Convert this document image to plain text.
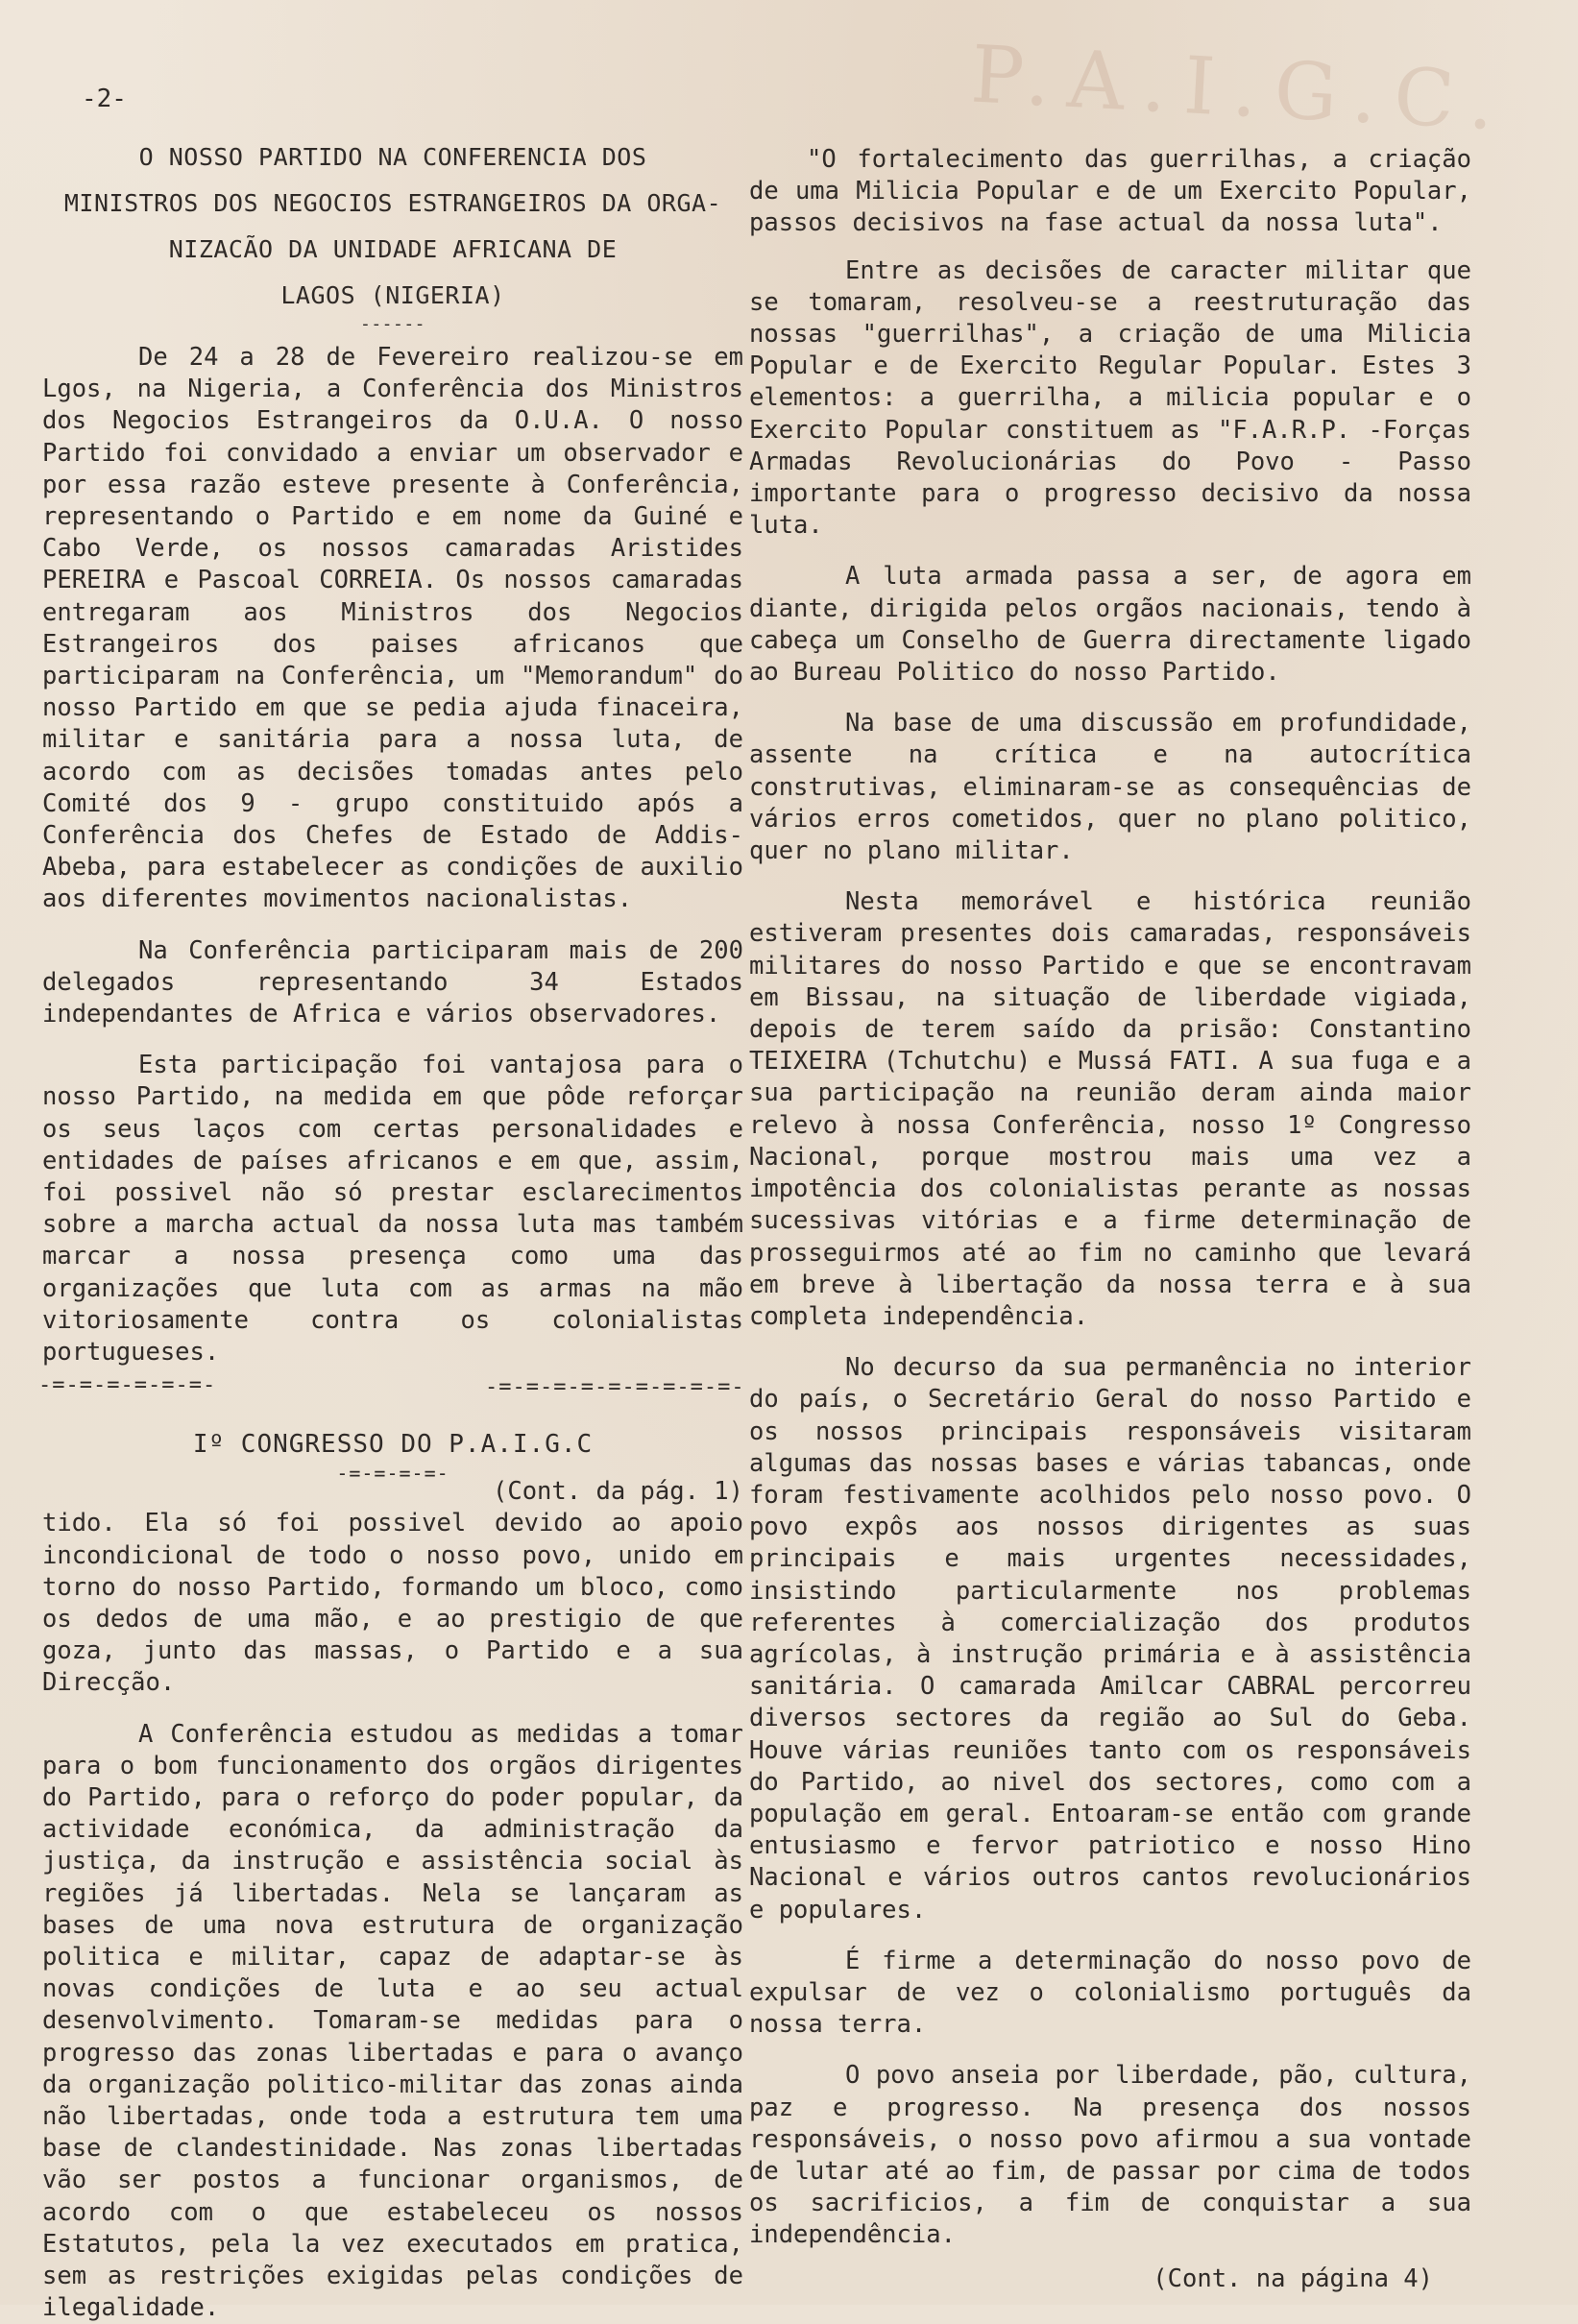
P.A.I.G.C.
-2-
O NOSSO PARTIDO NA CONFERENCIA DOS
MINISTROS DOS NEGOCIOS ESTRANGEIROS DA ORGA-
NIZACÃO DA UNIDADE AFRICANA DE
LAGOS (NIGERIA)
------

De 24 a 28 de Fevereiro realizou-se em Lgos, na Nigeria, a Conferência dos Ministros dos Negocios Estrangeiros da O.U.A. O nosso Partido foi convidado a enviar um observador e por essa razão esteve presente à Conferência, representando o Partido e em nome da Guiné e Cabo Verde, os nossos camaradas Aristides PEREIRA e Pascoal CORREIA. Os nossos camaradas entregaram aos Ministros dos Negocios Estrangeiros dos paises africanos que participaram na Conferência, um "Memorandum" do nosso Partido em que se pedia ajuda finaceira, militar e sanitária para a nossa luta, de acordo com as decisões tomadas antes pelo Comité dos 9 - grupo constituido após a Conferência dos Chefes de Estado de Addis-Abeba, para estabelecer as condições de auxilio aos diferentes movimentos nacionalistas.

Na Conferência participaram mais de 200 delegados representando 34 Estados independantes de Africa e vários observadores.

Esta participação foi vantajosa para o nosso Partido, na medida em que pôde reforçar os seus laços com certas personalidades e entidades de países africanos e em que, assim, foi possivel não só prestar esclarecimentos sobre a marcha actual da nossa luta mas também marcar a nossa presença como uma das organizações que luta com as armas na mão vitoriosamente contra os colonialistas portugueses.

-=-=-=-=-=-=-	-=-=-=-=-=-=-=-=-=-
Iº CONGRESSO DO P.A.I.G.C
-=-=-=-=-
(Cont. da pág. 1)

tido. Ela só foi possivel devido ao apoio incondicional de todo o nosso povo, unido em torno do nosso Partido, formando um bloco, como os dedos de uma mão, e ao prestigio de que goza, junto das massas, o Partido e a sua Direcção.

A Conferência estudou as medidas a tomar para o bom funcionamento dos orgãos dirigentes do Partido, para o reforço do poder popular, da actividade económica, da administração da justiça, da instrução e assistência social às regiões já libertadas. Nela se lançaram as bases de uma nova estrutura de organização politica e militar, capaz de adaptar-se às novas condições de luta e ao seu actual desenvolvimento. Tomaram-se medidas para o progresso das zonas libertadas e para o avanço da organização politico-militar das zonas ainda não libertadas, onde toda a estrutura tem uma base de clandestinidade. Nas zonas libertadas vão ser postos a funcionar organismos, de acordo com o que estabeleceu os nossos Estatutos, pela la vez executados em pratica, sem as restrições exigidas pelas condições de ilegalidade.

"O fortalecimento das guerrilhas, a criação de uma Milicia Popular e de um Exercito Popular, passos decisivos na fase actual da nossa luta".

Entre as decisões de caracter militar que se tomaram, resolveu-se a reestruturação das nossas "guerrilhas", a criação de uma Milicia Popular e de Exercito Regular Popular. Estes 3 elementos: a guerrilha, a milicia popular e o Exercito Popular constituem as "F.A.R.P. -Forças Armadas Revolucionárias do Povo - Passo importante para o progresso decisivo da nossa luta.

A luta armada passa a ser, de agora em diante, dirigida pelos orgãos nacionais, tendo à cabeça um Conselho de Guerra directamente ligado ao Bureau Politico do nosso Partido.

Na base de uma discussão em profundidade, assente na crítica e na autocrítica construtivas, eliminaram-se as consequências de vários erros cometidos, quer no plano politico, quer no plano militar.

Nesta memorável e histórica reunião estiveram presentes dois camaradas, responsáveis militares do nosso Partido e que se encontravam em Bissau, na situação de liberdade vigiada, depois de terem saído da prisão: Constantino TEIXEIRA (Tchutchu) e Mussá FATI. A sua fuga e a sua participação na reunião deram ainda maior relevo à nossa Conferência, nosso 1º Congresso Nacional, porque mostrou mais uma vez a impotência dos colonialistas perante as nossas sucessivas vitórias e a firme determinação de prosseguirmos até ao fim no caminho que levará em breve à libertação da nossa terra e à sua completa independência.

No decurso da sua permanência no interior do país, o Secretário Geral do nosso Partido e os nossos principais responsáveis visitaram algumas das nossas bases e várias tabancas, onde foram festivamente acolhidos pelo nosso povo. O povo expôs aos nossos dirigentes as suas principais e mais urgentes necessidades, insistindo particularmente nos problemas referentes à comercialização dos produtos agrícolas, à instrução primária e à assistência sanitária. O camarada Amilcar CABRAL percorreu diversos sectores da região ao Sul do Geba. Houve várias reuniões tanto com os responsáveis do Partido, ao nivel dos sectores, como com a população em geral. Entoaram-se então com grande entusiasmo e fervor patriotico e nosso Hino Nacional e vários outros cantos revolucionários e populares.

É firme a determinação do nosso povo de expulsar de vez o colonialismo português da nossa terra.

O povo anseia por liberdade, pão, cultura, paz e progresso. Na presença dos nossos responsáveis, o nosso povo afirmou a sua vontade de lutar até ao fim, de passar por cima de todos os sacrificios, a fim de conquistar a sua independência.

(Cont. na página 4)
